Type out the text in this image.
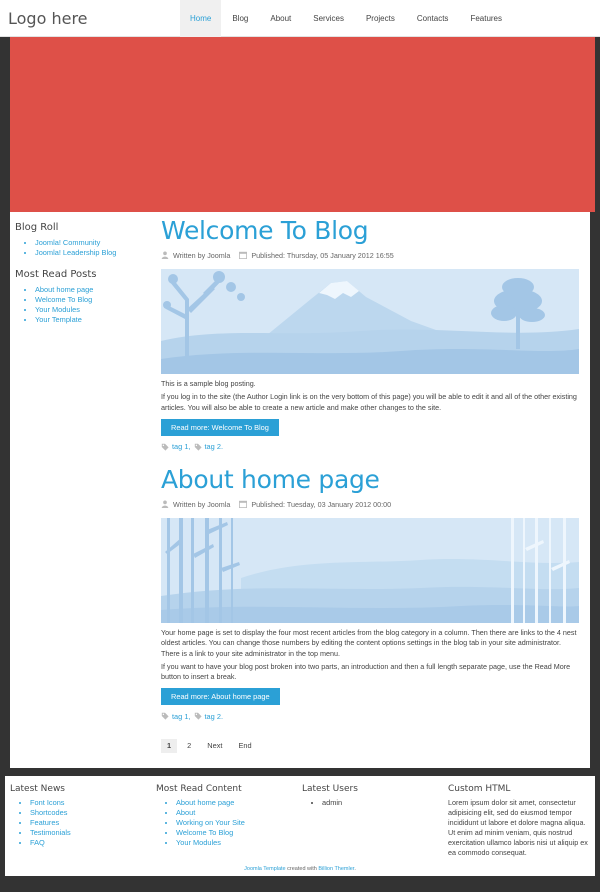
Logo here	Home	Blog	About	Services	Projects	Contacts	Features
Blog Roll
• Joomla! Community
• Joomla! Leadership Blog
Most Read Posts
• About home page
• Welcome To Blog
• Your Modules
• Your Template
Welcome To Blog
Written by Joomla	Published: Thursday, 05 January 2012 16:55
This is a sample blog posting.
If you log in to the site (the Author Login link is on the very bottom of this page) you will be able to edit it and all of the other existing articles. You will also be able to create a new article and make other changes to the site.
Read more: Welcome To Blog
tag 1, tag 2.
About home page
Written by Joomla	Published: Tuesday, 03 January 2012 00:00
Your home page is set to display the four most recent articles from the blog category in a column. Then there are links to the 4 nest oldest articles. You can change those numbers by editing the content options settings in the blog tab in your site administrator. There is a link to your site administrator in the top menu.
If you want to have your blog post broken into two parts, an introduction and then a full length separate page, use the Read More button to insert a break.
Read more: About home page
tag 1, tag 2.
1	2	Next	End
Latest News
• Font Icons
• Shortcodes
• Features
• Testimonials
• FAQ
Most Read Content
• About home page
• About
• Working on Your Site
• Welcome To Blog
• Your Modules
Latest Users
• admin
Custom HTML
Lorem ipsum dolor sit amet, consectetur adipisicing elit, sed do eiusmod tempor incididunt ut labore et dolore magna aliqua. Ut enim ad minim veniam, quis nostrud exercitation ullamco laboris nisi ut aliquip ex ea commodo consequat.
Joomla Template created with Billion Themler.
